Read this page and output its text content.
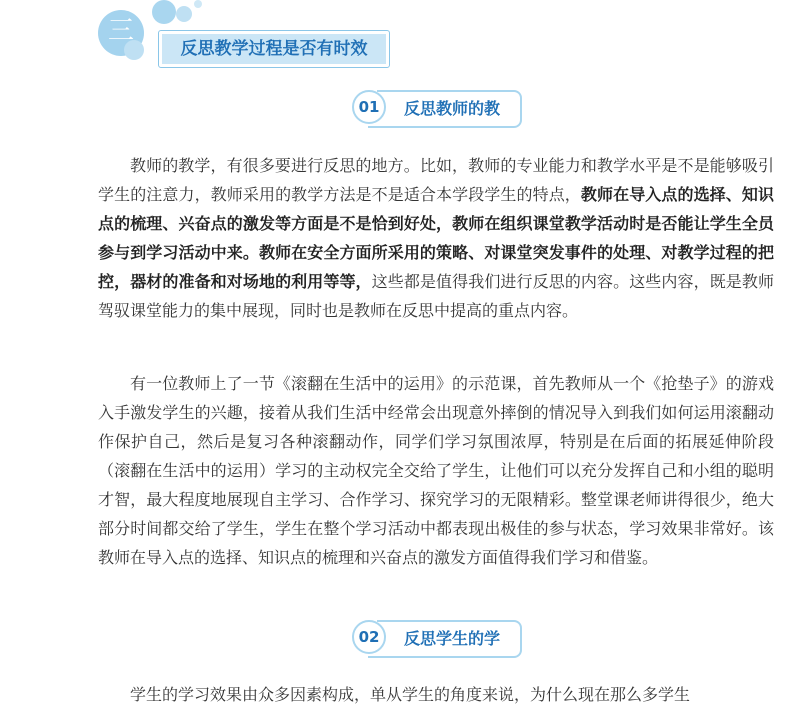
三
反思教学过程是否有时效
01	反思教师的教

教师的教学，有很多要进行反思的地方。比如，教师的专业能力和教学水平是不是能够吸引学生的注意力，教师采用的教学方法是不是适合本学段学生的特点，教师在导入点的选择、知识点的梳理、兴奋点的激发等方面是不是恰到好处，教师在组织课堂教学活动时是否能让学生全员参与到学习活动中来。教师在安全方面所采用的策略、对课堂突发事件的处理、对教学过程的把控，器材的准备和对场地的利用等等，这些都是值得我们进行反思的内容。这些内容，既是教师驾驭课堂能力的集中展现，同时也是教师在反思中提高的重点内容。

有一位教师上了一节《滚翻在生活中的运用》的示范课，首先教师从一个《抢垫子》的游戏入手激发学生的兴趣，接着从我们生活中经常会出现意外摔倒的情况导入到我们如何运用滚翻动作保护自己，然后是复习各种滚翻动作，同学们学习氛围浓厚，特别是在后面的拓展延伸阶段（滚翻在生活中的运用）学习的主动权完全交给了学生，让他们可以充分发挥自己和小组的聪明才智，最大程度地展现自主学习、合作学习、探究学习的无限精彩。整堂课老师讲得很少，绝大部分时间都交给了学生，学生在整个学习活动中都表现出极佳的参与状态，学习效果非常好。该教师在导入点的选择、知识点的梳理和兴奋点的激发方面值得我们学习和借鉴。

02	反思学生的学

学生的学习效果由众多因素构成，单从学生的角度来说，为什么现在那么多学生
